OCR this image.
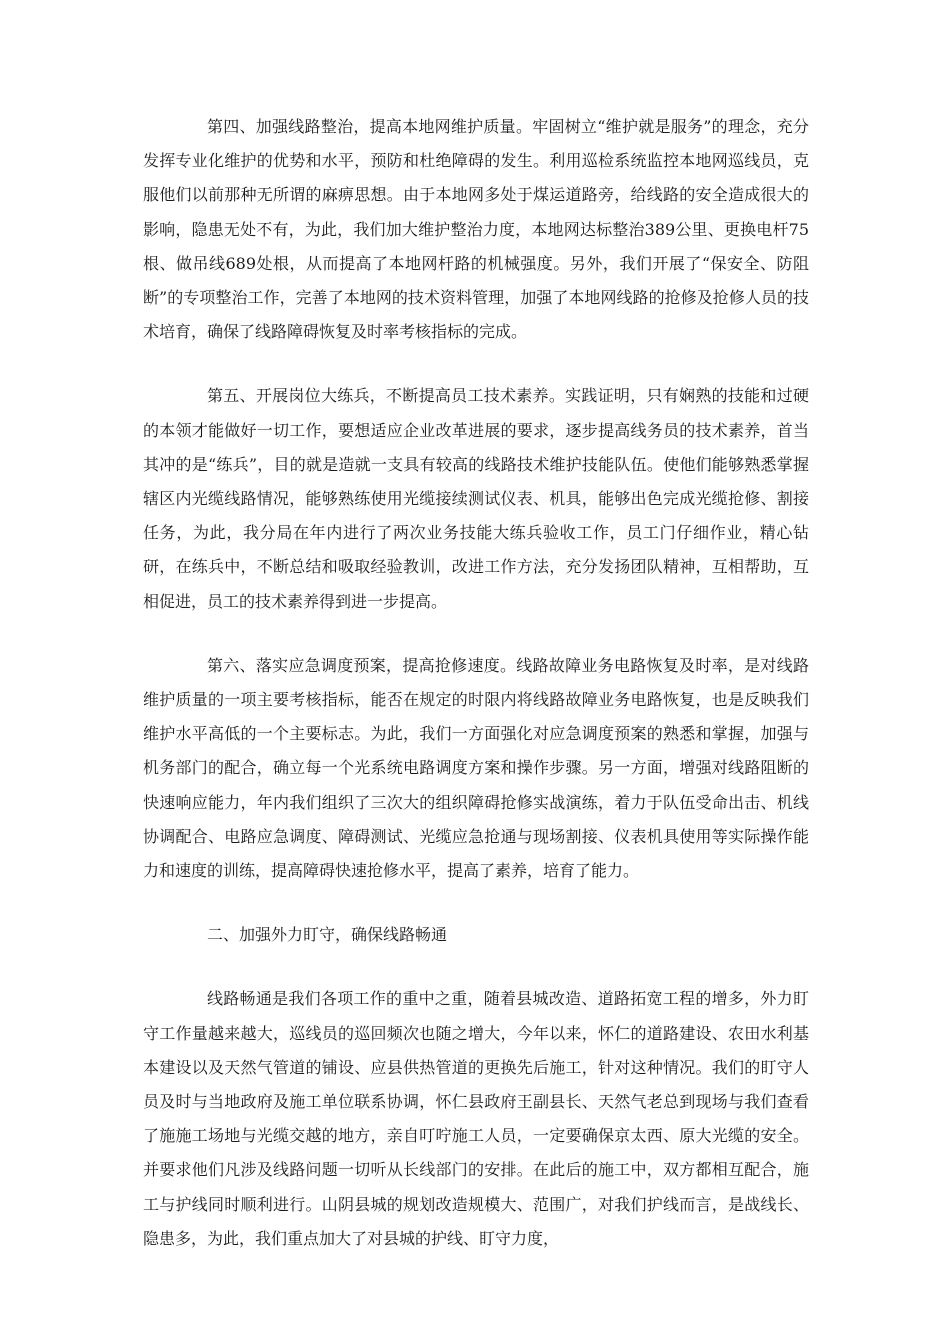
第四、加强线路整治，提高本地网维护质量。牢固树立“维护就是服务”的理念，充分发挥专业化维护的优势和水平，预防和杜绝障碍的发生。利用巡检系统监控本地网巡线员，克服他们以前那种无所谓的麻痹思想。由于本地网多处于煤运道路旁，给线路的安全造成很大的影响，隐患无处不有，为此，我们加大维护整治力度，本地网达标整治389公里、更换电杆75根、做吊线689处根，从而提高了本地网杆路的机械强度。另外，我们开展了“保安全、防阻断”的专项整治工作，完善了本地网的技术资料管理，加强了本地网线路的抢修及抢修人员的技术培育，确保了线路障碍恢复及时率考核指标的完成。

第五、开展岗位大练兵，不断提高员工技术素养。实践证明，只有娴熟的技能和过硬的本领才能做好一切工作，要想适应企业改革进展的要求，逐步提高线务员的技术素养，首当其冲的是“练兵”，目的就是造就一支具有较高的线路技术维护技能队伍。使他们能够熟悉掌握辖区内光缆线路情况，能够熟练使用光缆接续测试仪表、机具，能够出色完成光缆抢修、割接任务，为此，我分局在年内进行了两次业务技能大练兵验收工作，员工门仔细作业，精心钻研，在练兵中，不断总结和吸取经验教训，改进工作方法，充分发扬团队精神，互相帮助，互相促进，员工的技术素养得到进一步提高。

第六、落实应急调度预案，提高抢修速度。线路故障业务电路恢复及时率，是对线路维护质量的一项主要考核指标，能否在规定的时限内将线路故障业务电路恢复，也是反映我们维护水平高低的一个主要标志。为此，我们一方面强化对应急调度预案的熟悉和掌握，加强与机务部门的配合，确立每一个光系统电路调度方案和操作步骤。另一方面，增强对线路阻断的快速响应能力，年内我们组织了三次大的组织障碍抢修实战演练，着力于队伍受命出击、机线协调配合、电路应急调度、障碍测试、光缆应急抢通与现场割接、仪表机具使用等实际操作能力和速度的训练，提高障碍快速抢修水平，提高了素养，培育了能力。

二、加强外力盯守，确保线路畅通

线路畅通是我们各项工作的重中之重，随着县城改造、道路拓宽工程的增多，外力盯守工作量越来越大，巡线员的巡回频次也随之增大，今年以来，怀仁的道路建设、农田水利基本建设以及天然气管道的铺设、应县供热管道的更换先后施工，针对这种情况。我们的盯守人员及时与当地政府及施工单位联系协调，怀仁县政府王副县长、天然气老总到现场与我们查看了施施工场地与光缆交越的地方，亲自叮咛施工人员，一定要确保京太西、原大光缆的安全。并要求他们凡涉及线路问题一切听从长线部门的安排。在此后的施工中，双方都相互配合，施工与护线同时顺利进行。山阴县城的规划改造规模大、范围广，对我们护线而言，是战线长、隐患多，为此，我们重点加大了对县城的护线、盯守力度，
